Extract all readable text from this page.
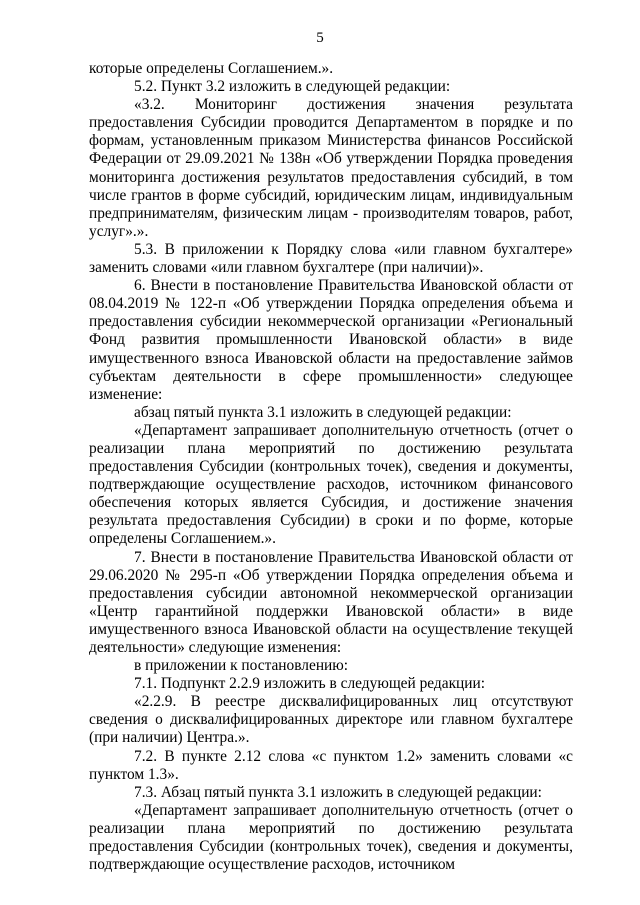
5

которые определены Соглашением.».

5.2. Пункт 3.2 изложить в следующей редакции:

«3.2. Мониторинг достижения значения результата предоставления Субсидии проводится Департаментом в порядке и по формам, установленным приказом Министерства финансов Российской Федерации от 29.09.2021 № 138н «Об утверждении Порядка проведения мониторинга достижения результатов предоставления субсидий, в том числе грантов в форме субсидий, юридическим лицам, индивидуальным предпринимателям, физическим лицам - производителям товаров, работ, услуг».».

5.3. В приложении к Порядку слова «или главном бухгалтере» заменить словами «или главном бухгалтере (при наличии)».

6. Внести в постановление Правительства Ивановской области от 08.04.2019 № 122-п «Об утверждении Порядка определения объема и предоставления субсидии некоммерческой организации «Региональный Фонд развития промышленности Ивановской области» в виде имущественного взноса Ивановской области на предоставление займов субъектам деятельности в сфере промышленности» следующее изменение:

абзац пятый пункта 3.1 изложить в следующей редакции:

«Департамент запрашивает дополнительную отчетность (отчет о реализации плана мероприятий по достижению результата предоставления Субсидии (контрольных точек), сведения и документы, подтверждающие осуществление расходов, источником финансового обеспечения которых является Субсидия, и достижение значения результата предоставления Субсидии) в сроки и по форме, которые определены Соглашением.».

7. Внести в постановление Правительства Ивановской области от 29.06.2020 № 295-п «Об утверждении Порядка определения объема и предоставления субсидии автономной некоммерческой организации «Центр гарантийной поддержки Ивановской области» в виде имущественного взноса Ивановской области на осуществление текущей деятельности» следующие изменения:

в приложении к постановлению:

7.1. Подпункт 2.2.9 изложить в следующей редакции:

«2.2.9. В реестре дисквалифицированных лиц отсутствуют сведения о дисквалифицированных директоре или главном бухгалтере (при наличии) Центра.».

7.2. В пункте 2.12 слова «с пунктом 1.2» заменить словами «с пунктом 1.3».

7.3. Абзац пятый пункта 3.1 изложить в следующей редакции:

«Департамент запрашивает дополнительную отчетность (отчет о реализации плана мероприятий по достижению результата предоставления Субсидии (контрольных точек), сведения и документы, подтверждающие осуществление расходов, источником
